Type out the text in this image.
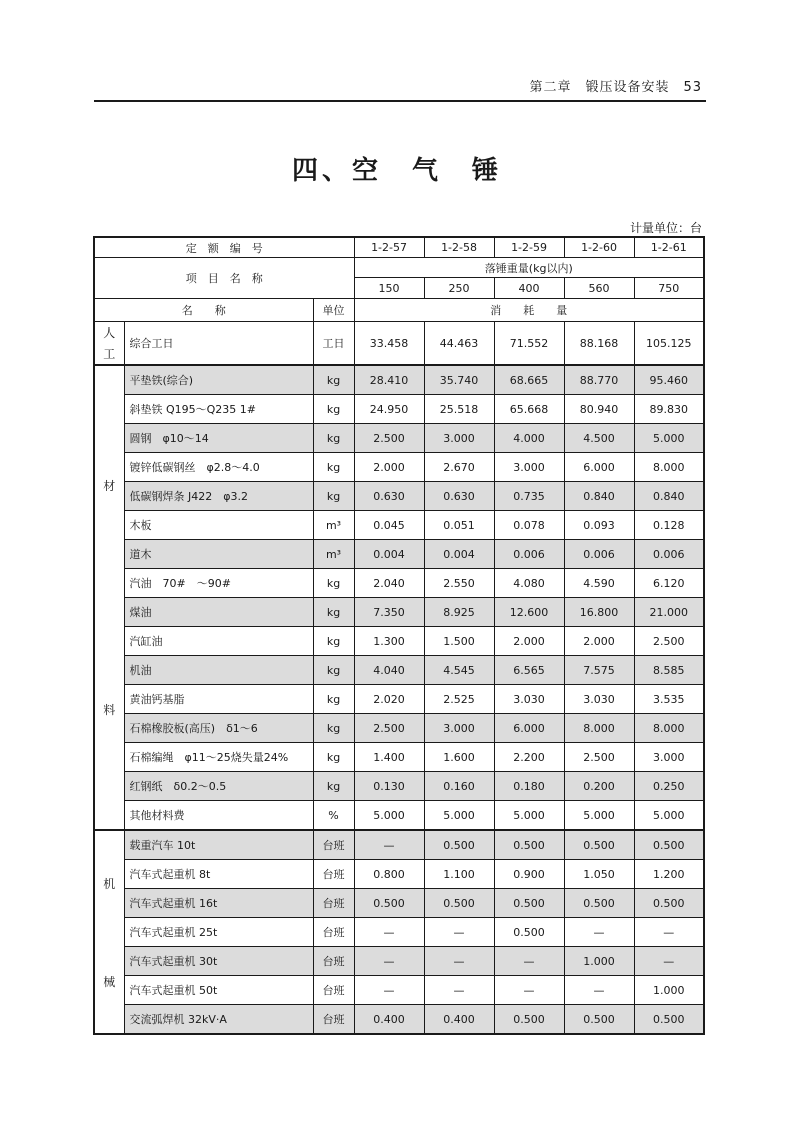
第二章　锻压设备安装　53
四、空　气　锤
计量单位：台
定　额　编　号			1-2-57	1-2-58	1-2-59	1-2-60	1-2-61
项　目　名　称			落锤重量(kg以内)				
			150	250	400	560	750
名　　称		单位	消　　耗　　量				

人
工	综合工日	工日	33.458	44.463	71.552	88.168	105.125

材
料	平垫铁(综合)	kg	28.410	35.740	68.665	88.770	95.460
	斜垫铁 Q195～Q235 1#	kg	24.950	25.518	65.668	80.940	89.830
	圆钢　φ10～14	kg	2.500	3.000	4.000	4.500	5.000
	镀锌低碳钢丝　φ2.8～4.0	kg	2.000	2.670	3.000	6.000	8.000
	低碳钢焊条 J422　φ3.2	kg	0.630	0.630	0.735	0.840	0.840
	木板	m³	0.045	0.051	0.078	0.093	0.128
	道木	m³	0.004	0.004	0.006	0.006	0.006
	汽油　70#　～90#	kg	2.040	2.550	4.080	4.590	6.120
	煤油	kg	7.350	8.925	12.600	16.800	21.000
	汽缸油	kg	1.300	1.500	2.000	2.000	2.500
	机油	kg	4.040	4.545	6.565	7.575	8.585
	黄油钙基脂	kg	2.020	2.525	3.030	3.030	3.535
	石棉橡胶板(高压)　δ1～6	kg	2.500	3.000	6.000	8.000	8.000
	石棉编绳　φ11～25烧失量24%	kg	1.400	1.600	2.200	2.500	3.000
	红钢纸　δ0.2～0.5	kg	0.130	0.160	0.180	0.200	0.250
	其他材料费	%	5.000	5.000	5.000	5.000	5.000

机
械	载重汽车 10t	台班	—	0.500	0.500	0.500	0.500
	汽车式起重机 8t	台班	0.800	1.100	0.900	1.050	1.200
	汽车式起重机 16t	台班	0.500	0.500	0.500	0.500	0.500
	汽车式起重机 25t	台班	—	—	0.500	—	—
	汽车式起重机 30t	台班	—	—	—	1.000	—
	汽车式起重机 50t	台班	—	—	—	—	1.000
	交流弧焊机 32kV·A	台班	0.400	0.400	0.500	0.500	0.500
